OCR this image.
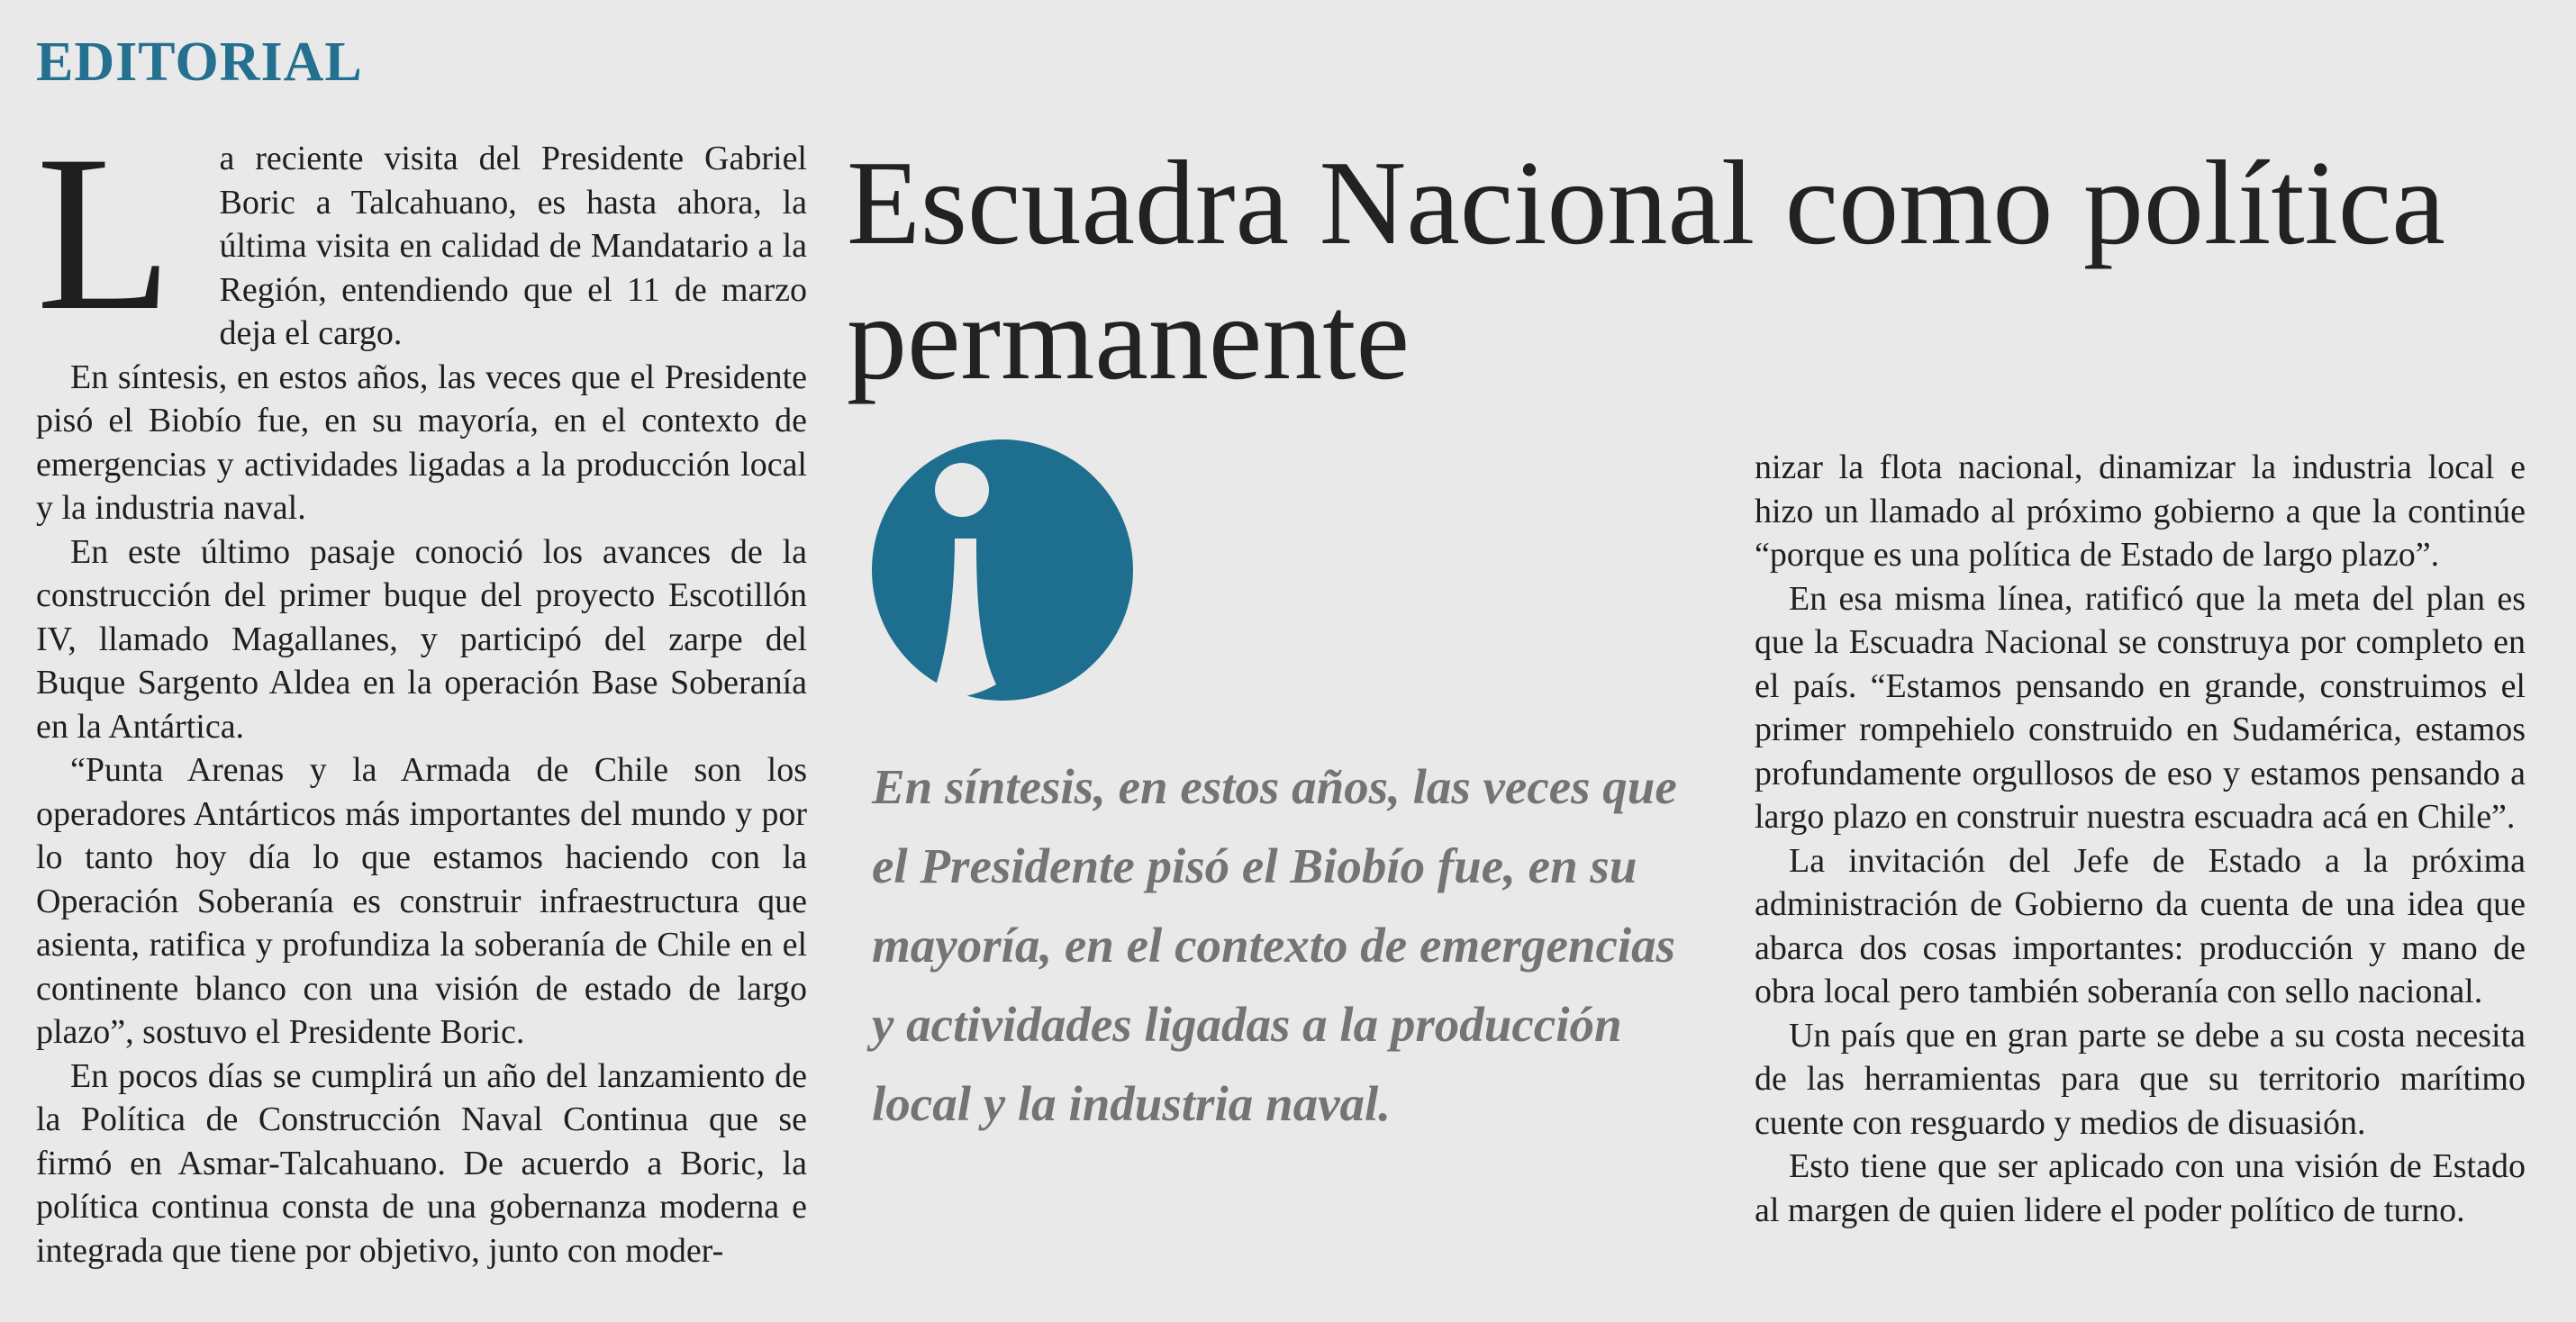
EDITORIAL

L a reciente visita del Presidente Gabriel Boric a Talcahuano, es hasta ahora, la última visita en calidad de Mandatario a la Región, entendiendo que el 11 de marzo deja el cargo.

En síntesis, en estos años, las veces que el Presidente pisó el Biobío fue, en su mayoría, en el contexto de emergencias y actividades ligadas a la producción local y la industria naval.

En este último pasaje conoció los avances de la construcción del primer buque del proyecto Escotillón IV, llamado Magallanes, y participó del zarpe del Buque Sargento Aldea en la operación Base Soberanía en la Antártica.

“Punta Arenas y la Armada de Chile son los operadores Antárticos más importantes del mundo y por lo tanto hoy día lo que estamos haciendo con la Operación Soberanía es construir infraestructura que asienta, ratifica y profundiza la soberanía de Chile en el continente blanco con una visión de estado de largo plazo”, sostuvo el Presidente Boric.

En pocos días se cumplirá un año del lanzamiento de la Política de Construcción Naval Continua que se firmó en Asmar-Talcahuano. De acuerdo a Boric, la política continua consta de una gobernanza moderna e integrada que tiene por objetivo, junto con moder-

Escuadra Nacional como política permanente

En síntesis, en estos años, las veces que el Presidente pisó el Biobío fue, en su mayoría, en el contexto de emergencias y actividades ligadas a la producción local y la industria naval.

nizar la flota nacional, dinamizar la industria local e hizo un llamado al próximo gobierno a que la continúe “porque es una política de Estado de largo plazo”.

En esa misma línea, ratificó que la meta del plan es que la Escuadra Nacional se construya por completo en el país. “Estamos pensando en grande, construimos el primer rompehielo construido en Sudamérica, estamos profundamente orgullosos de eso y estamos pensando a largo plazo en construir nuestra escuadra acá en Chile”.

La invitación del Jefe de Estado a la próxima administración de Gobierno da cuenta de una idea que abarca dos cosas importantes: producción y mano de obra local pero también soberanía con sello nacional.

Un país que en gran parte se debe a su costa necesita de las herramientas para que su territorio marítimo cuente con resguardo y medios de disuasión.

Esto tiene que ser aplicado con una visión de Estado al margen de quien lidere el poder político de turno.
